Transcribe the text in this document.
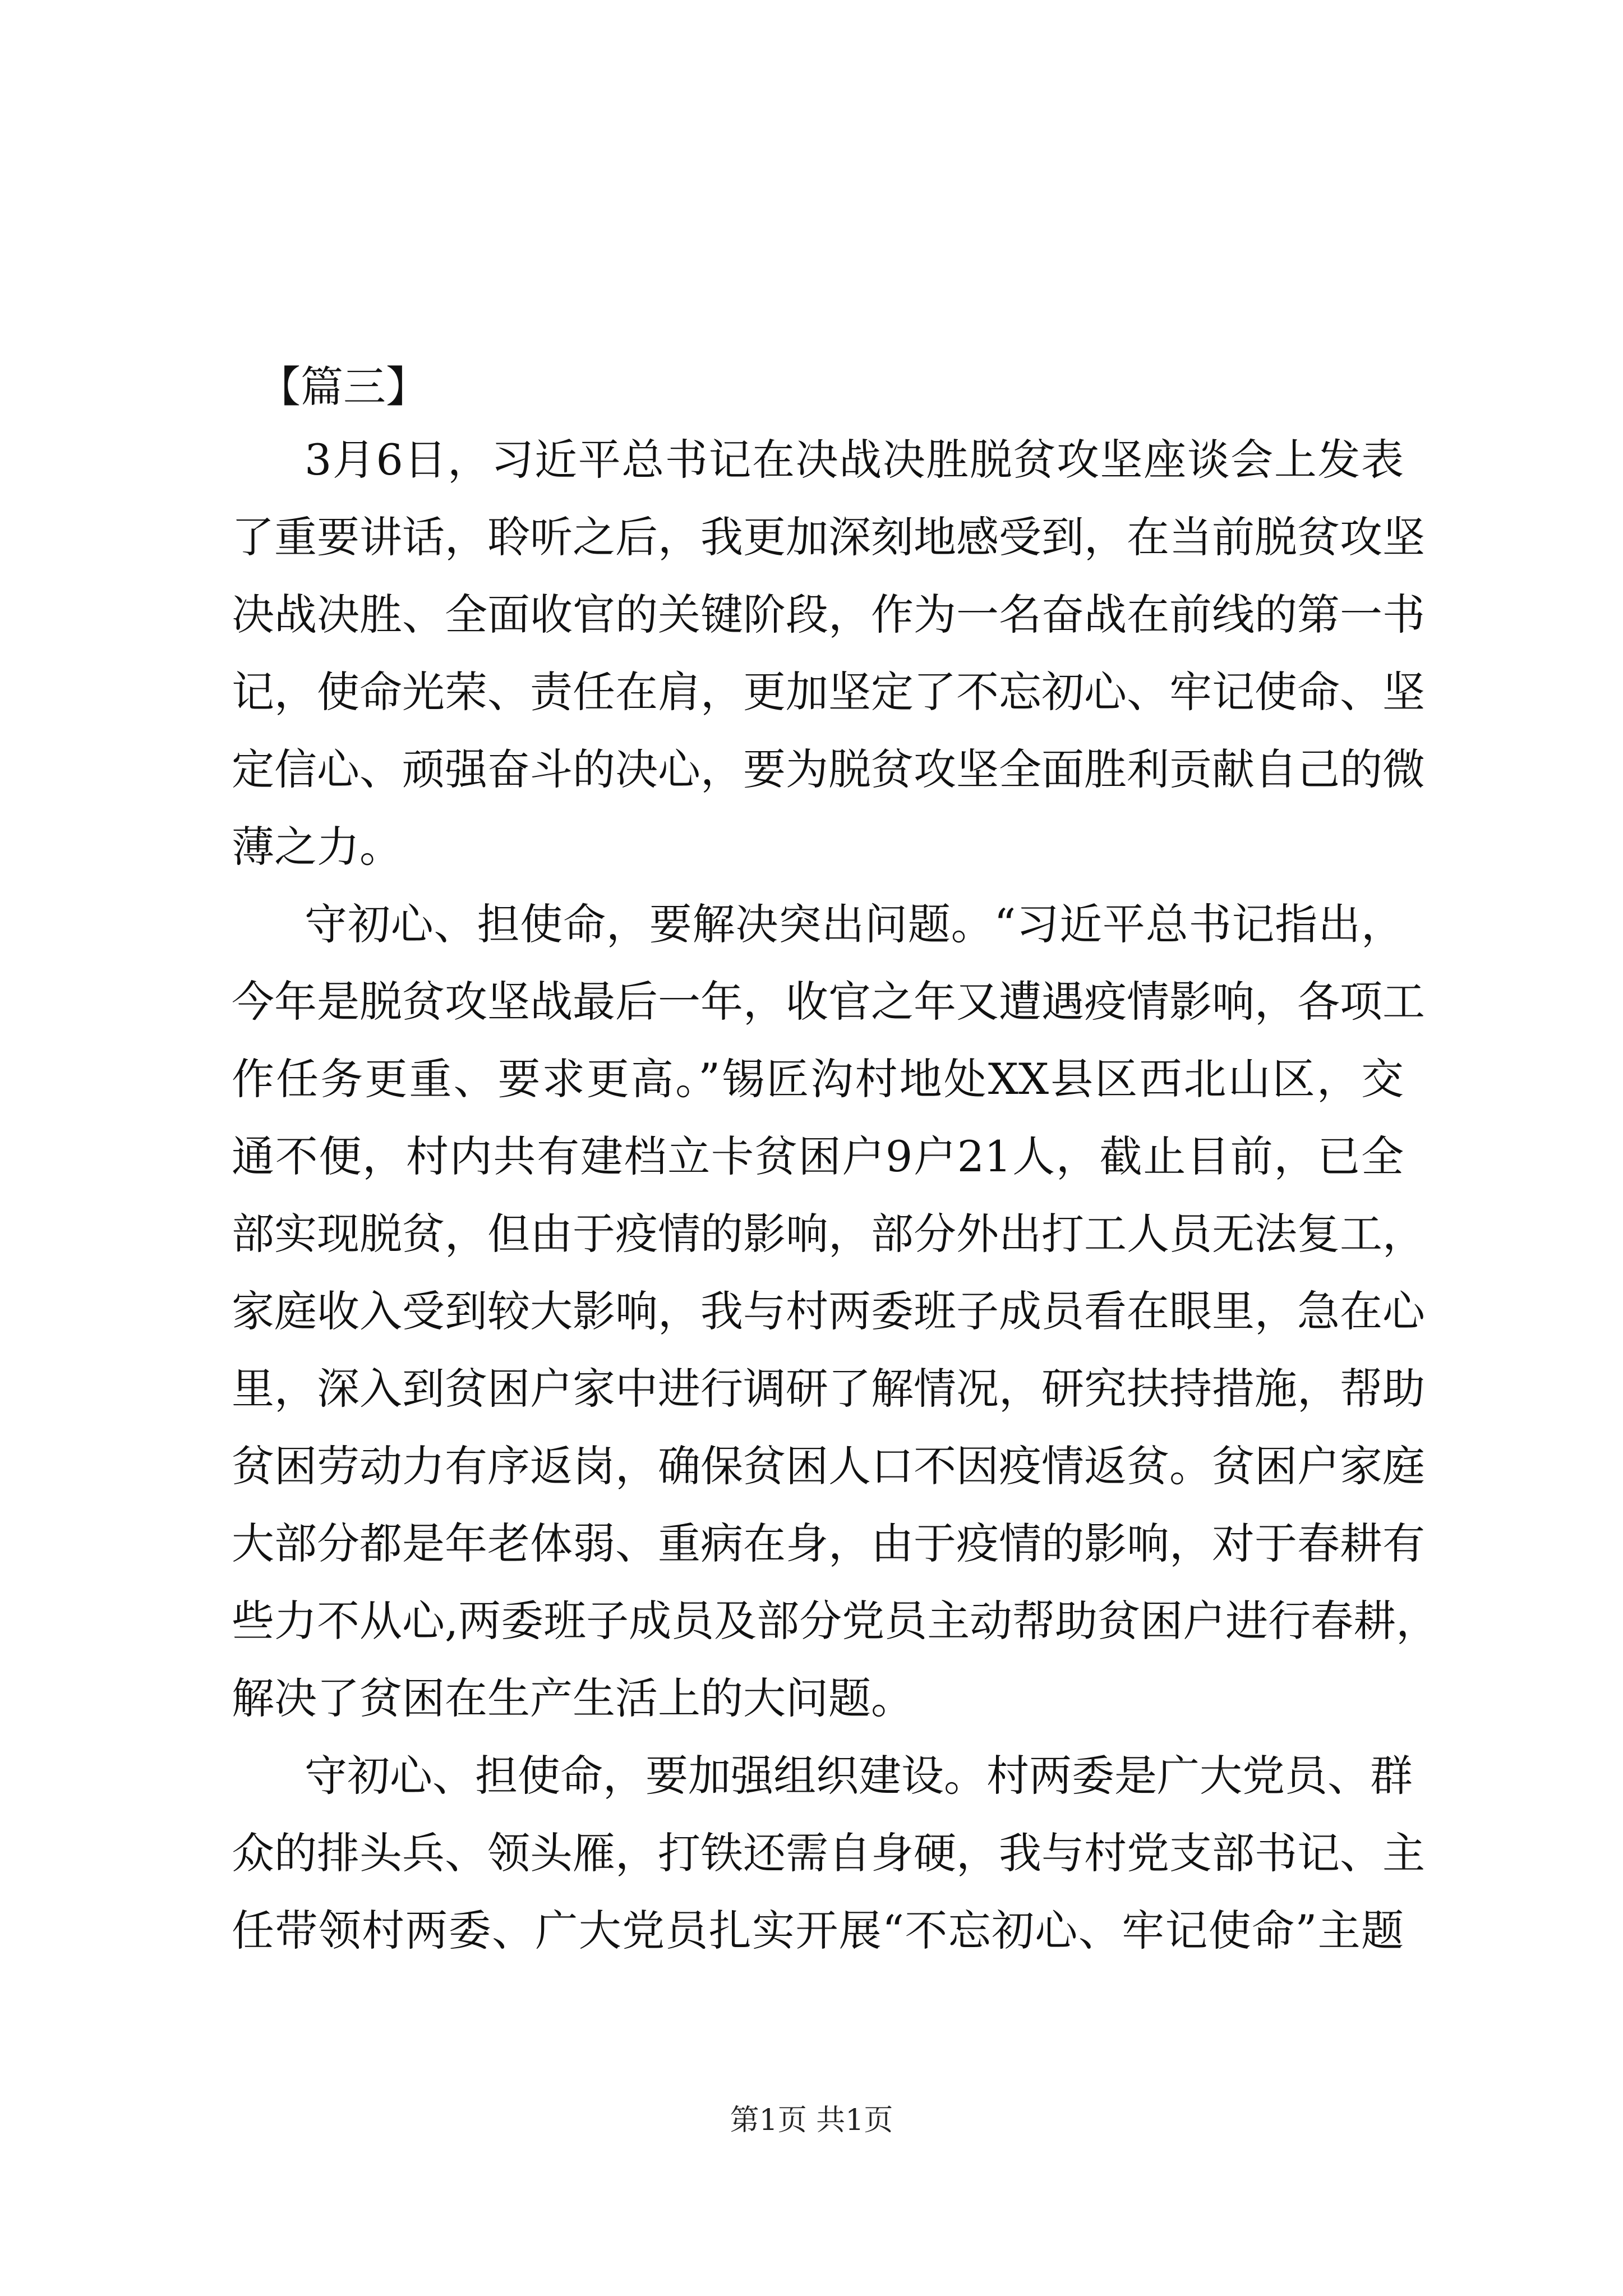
【篇三】
3月6日，习近平总书记在决战决胜脱贫攻坚座谈会上发表
了重要讲话，聆听之后，我更加深刻地感受到，在当前脱贫攻坚
决战决胜、全面收官的关键阶段，作为一名奋战在前线的第一书
记，使命光荣、责任在肩，更加坚定了不忘初心、牢记使命、坚
定信心、顽强奋斗的决心，要为脱贫攻坚全面胜利贡献自己的微
薄之力。
守初心、担使命，要解决突出问题。“习近平总书记指出，
今年是脱贫攻坚战最后一年，收官之年又遭遇疫情影响，各项工
作任务更重、要求更高。”锡匠沟村地处XX县区西北山区，交
通不便，村内共有建档立卡贫困户9户21人，截止目前，已全
部实现脱贫，但由于疫情的影响，部分外出打工人员无法复工，
家庭收入受到较大影响，我与村两委班子成员看在眼里，急在心
里，深入到贫困户家中进行调研了解情况，研究扶持措施，帮助
贫困劳动力有序返岗，确保贫困人口不因疫情返贫。贫困户家庭
大部分都是年老体弱、重病在身，由于疫情的影响，对于春耕有
些力不从心,两委班子成员及部分党员主动帮助贫困户进行春耕，
解决了贫困在生产生活上的大问题。
守初心、担使命，要加强组织建设。村两委是广大党员、群
众的排头兵、领头雁，打铁还需自身硬，我与村党支部书记、主
任带领村两委、广大党员扎实开展“不忘初心、牢记使命”主题
第1页 共1页
